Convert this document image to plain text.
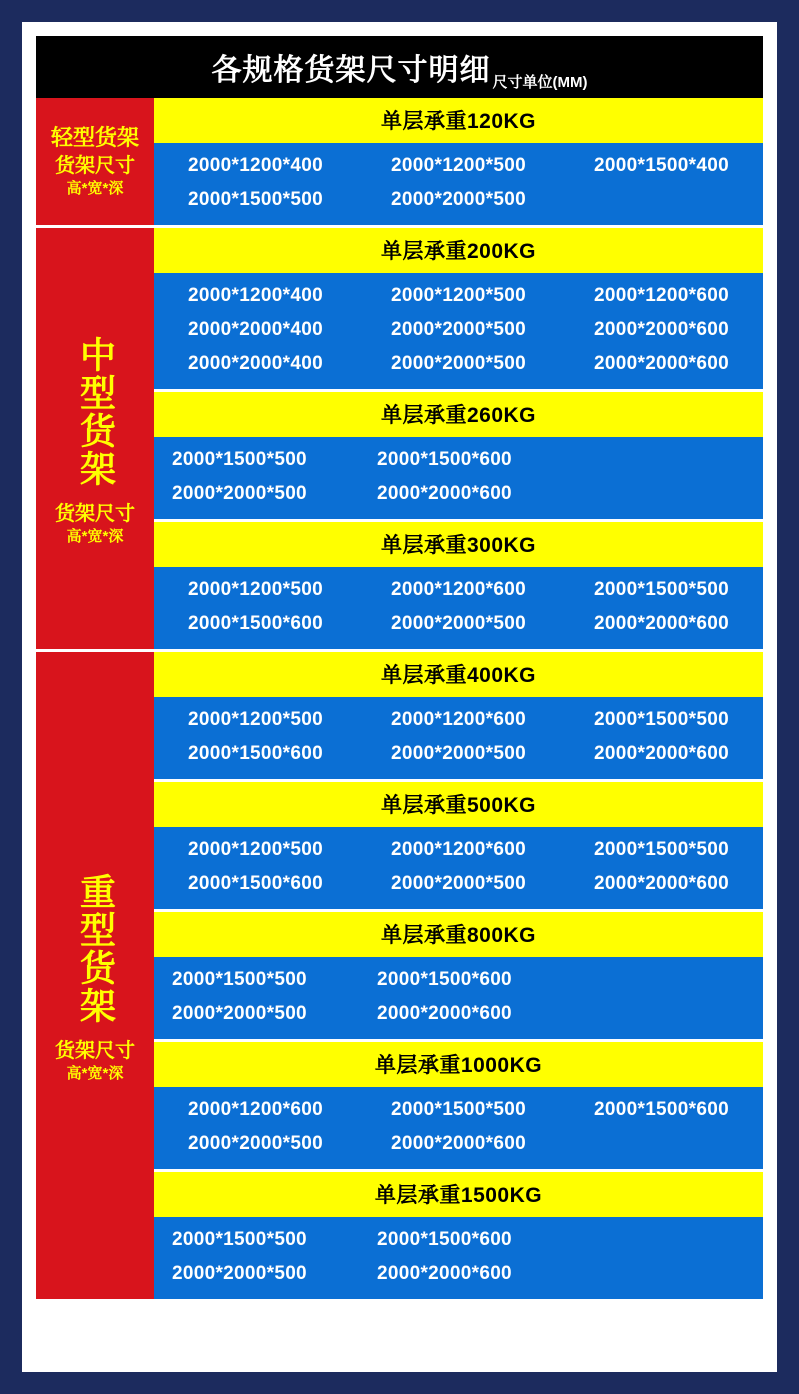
各规格货架尺寸明细 尺寸单位(MM)
轻型货架
货架尺寸
高*宽*深
单层承重120KG
2000*1200*400	2000*1200*500	2000*1500*400
2000*1500*500	2000*2000*500

中型货架
货架尺寸
高*宽*深
单层承重200KG
2000*1200*400	2000*1200*500	2000*1200*600
2000*2000*400	2000*2000*500	2000*2000*600
2000*2000*400	2000*2000*500	2000*2000*600
单层承重260KG
2000*1500*500	2000*1500*600
2000*2000*500	2000*2000*600
单层承重300KG
2000*1200*500	2000*1200*600	2000*1500*500
2000*1500*600	2000*2000*500	2000*2000*600
重型货架
货架尺寸
高*宽*深
单层承重400KG
2000*1200*500	2000*1200*600	2000*1500*500
2000*1500*600	2000*2000*500	2000*2000*600
单层承重500KG
2000*1200*500	2000*1200*600	2000*1500*500
2000*1500*600	2000*2000*500	2000*2000*600
单层承重800KG
2000*1500*500	2000*1500*600
2000*2000*500	2000*2000*600
单层承重1000KG
2000*1200*600	2000*1500*500	2000*1500*600
2000*2000*500	2000*2000*600

单层承重1500KG
2000*1500*500	2000*1500*600
2000*2000*500	2000*2000*600
